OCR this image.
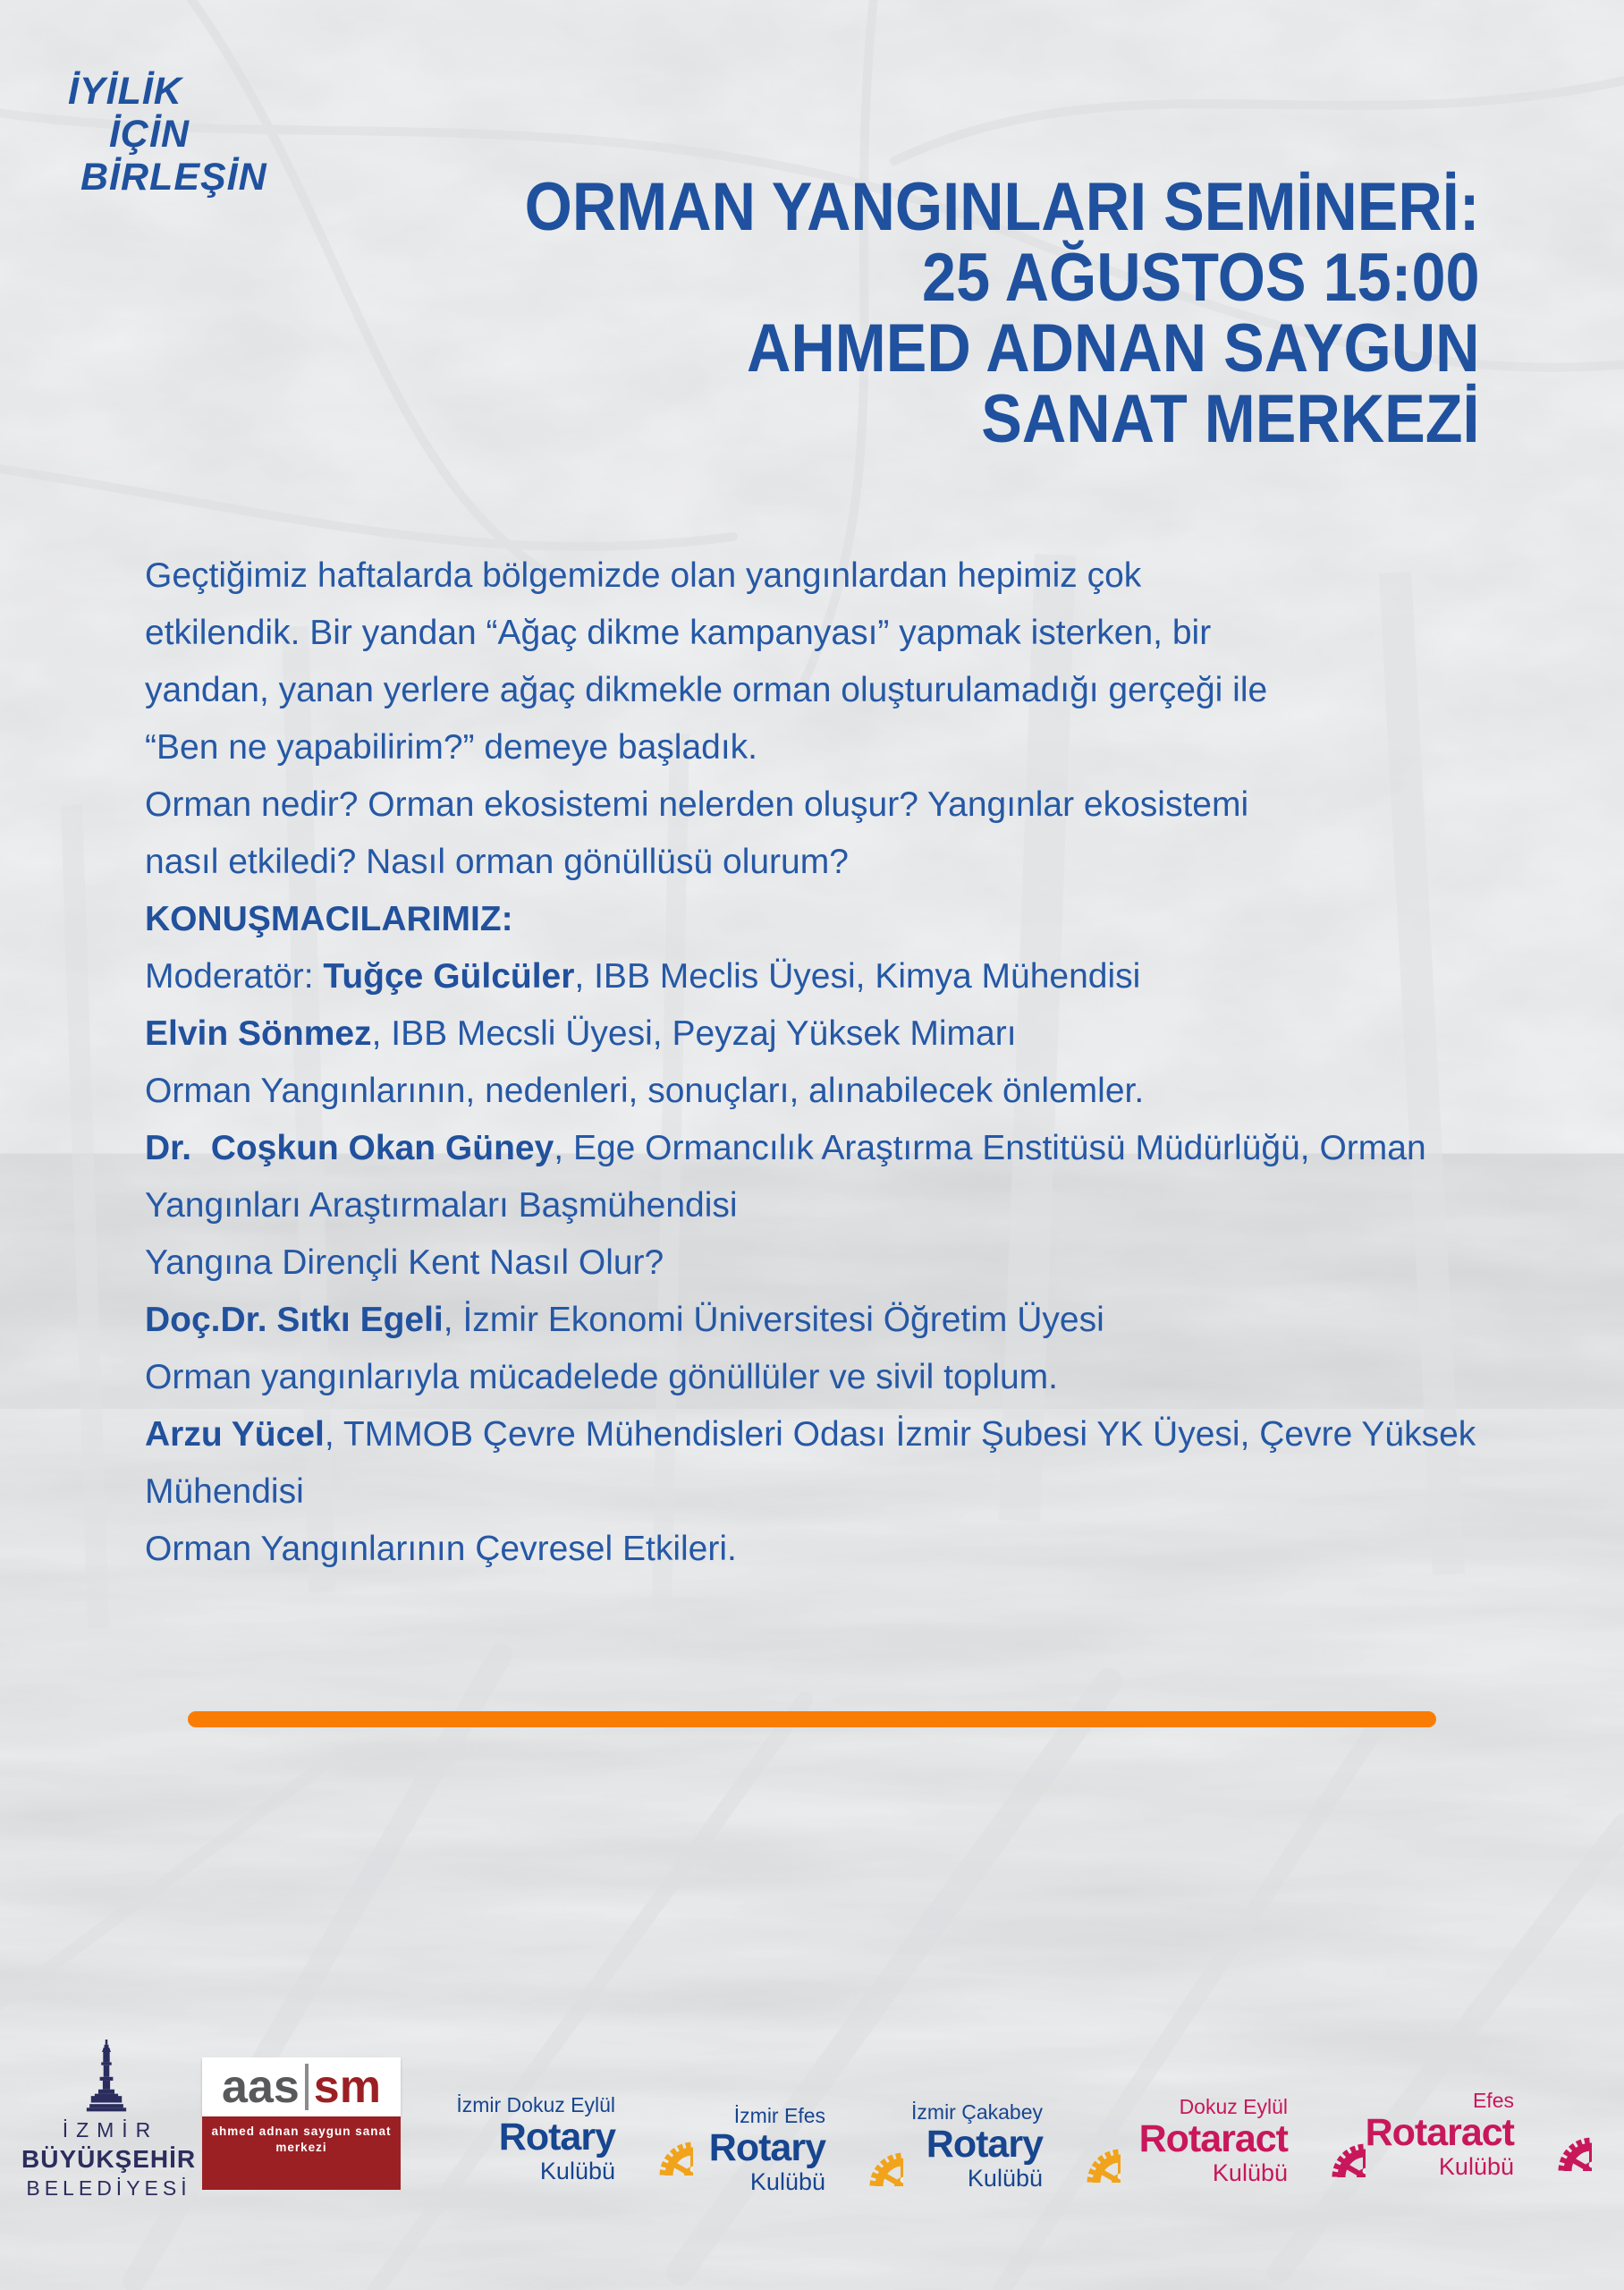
İYİLİK
İÇİN
BİRLEŞİN	ORMAN YANGINLARI SEMİNERİ:
25 AĞUSTOS 15:00
AHMED ADNAN SAYGUN
SANAT MERKEZİ
Geçtiğimiz haftalarda bölgemizde olan yangınlardan hepimiz çok
etkilendik. Bir yandan “Ağaç dikme kampanyası” yapmak isterken, bir
yandan, yanan yerlere ağaç dikmekle orman oluşturulamadığı gerçeği ile
“Ben ne yapabilirim?” demeye başladık.
Orman nedir? Orman ekosistemi nelerden oluşur? Yangınlar ekosistemi
nasıl etkiledi? Nasıl orman gönüllüsü olurum?
KONUŞMACILARIMIZ:
Moderatör: Tuğçe Gülcüler, IBB Meclis Üyesi, Kimya Mühendisi
Elvin Sönmez, IBB Mecsli Üyesi, Peyzaj Yüksek Mimarı
Orman Yangınlarının, nedenleri, sonuçları, alınabilecek önlemler.
Dr.  Coşkun Okan Güney, Ege Ormancılık Araştırma Enstitüsü Müdürlüğü, Orman
Yangınları Araştırmaları Başmühendisi
Yangına Dirençli Kent Nasıl Olur?
Doç.Dr. Sıtkı Egeli, İzmir Ekonomi Üniversitesi Öğretim Üyesi
Orman yangınlarıyla mücadelede gönüllüler ve sivil toplum.
Arzu Yücel, TMMOB Çevre Mühendisleri Odası İzmir Şubesi YK Üyesi, Çevre Yüksek
Mühendisi
Orman Yangınlarının Çevresel Etkileri.
İZMİR
BÜYÜKŞEHİR
BELEDİYESİ
aas sm
ahmed adnan saygun sanat merkezi
İzmir Dokuz Eylül
Rotary
Kulübü
İzmir Efes
Rotary
Kulübü
İzmir Çakabey
Rotary
Kulübü
Dokuz Eylül
Rotaract
Kulübü
Efes
Rotaract
Kulübü
